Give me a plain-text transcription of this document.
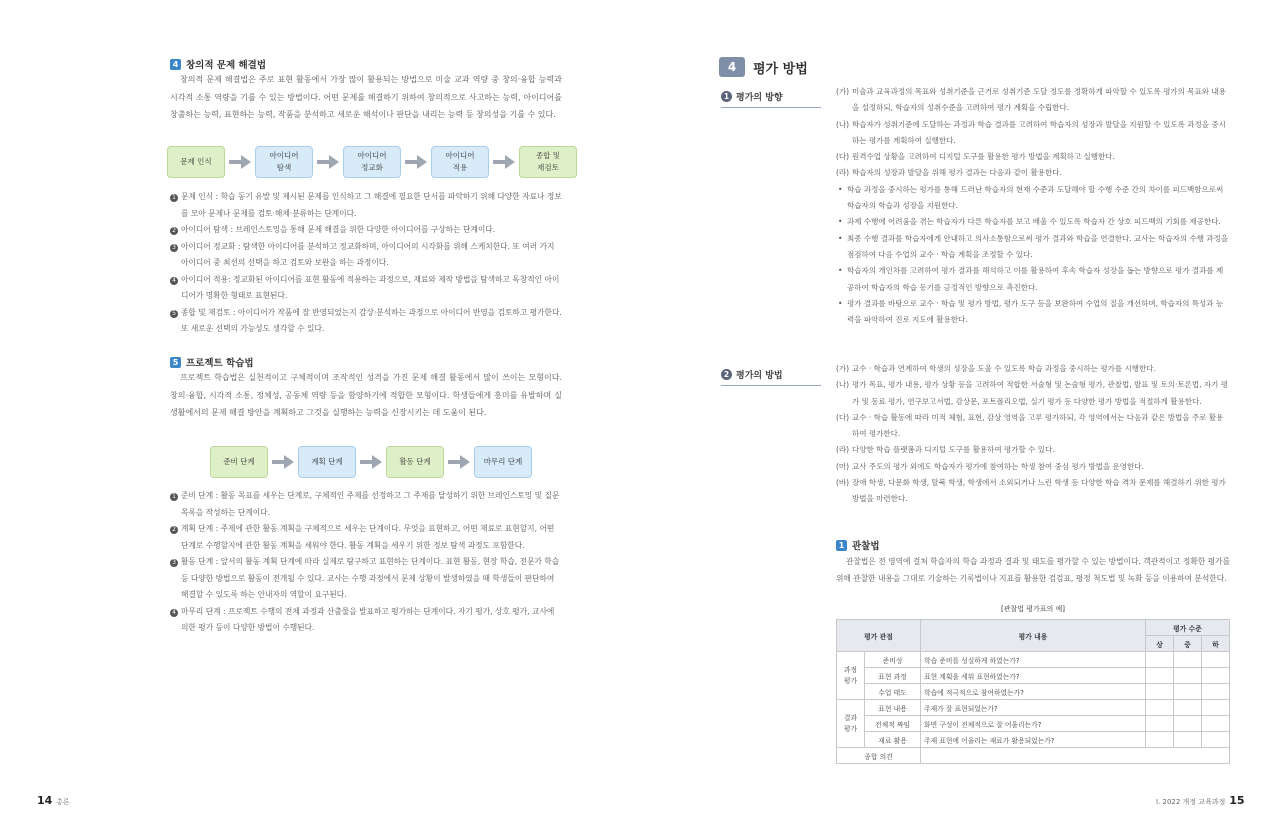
4 창의적 문제 해결법

창의적 문제 해결법은 주로 표현 활동에서 가장 많이 활용되는 방법으로 미술 교과 역량 중 창의·융합 능력과 시각적 소통 역량을 기를 수 있는 방법이다. 어떤 문제를 해결하기 위하여 창의적으로 사고하는 능력, 아이디어를 창출하는 능력, 표현하는 능력, 작품을 분석하고 새로운 해석이나 판단을 내리는 능력 등 창의성을 기를 수 있다.

문제 인식
아이디어
탐색
아이디어
정교화
아이디어
적용
종합 및
재검토
1 문제 인식 : 학습 동기 유발 및 제시된 문제를 인식하고 그 해결에 필요한 단서를 파악하기 위해 다양한 자료나 정보를 모아 문제나 문제를 검토·해체·분류하는 단계이다.
2 아이디어 탐색 : 브레인스토밍을 통해 문제 해결을 위한 다양한 아이디어를 구상하는 단계이다.
3 아이디어 정교화 : 탐색한 아이디어를 분석하고 정교화하며, 아이디어의 시각화를 위해 스케치한다. 또 여러 가지 아이디어 중 최선의 선택을 하고 검토와 보완을 하는 과정이다.
4 아이디어 적용: 정교화된 아이디어를 표현 활동에 적용하는 과정으로, 재료와 제작 방법을 탐색하고 독창적인 아이디어가 명확한 형태로 표현된다.
5 종합 및 재검토 : 아이디어가 작품에 잘 반영되었는지 감상·분석하는 과정으로 아이디어 반영을 검토하고 평가한다. 또 새로운 선택의 가능성도 생각할 수 있다.
5 프로젝트 학습법

프로젝트 학습법은 실천적이고 구체적이며 조작적인 성격을 가진 문제 해결 활동에서 많이 쓰이는 모형이다. 창의·융합, 시각적 소통, 정체성, 공동체 역량 등을 함양하기에 적합한 모형이다. 학생들에게 흥미를 유발하며 실생활에서의 문제 해결 방안을 계획하고 그것을 실행하는 능력을 신장시키는 데 도움이 된다.

준비 단계	계획 단계	활동 단계	마무리 단계
1 준비 단계 : 활동 목표를 세우는 단계로, 구체적인 주제를 선정하고 그 주제를 달성하기 위한 브레인스토밍 및 질문 목록을 작성하는 단계이다.
2 계획 단계 : 주제에 관한 활동 계획을 구체적으로 세우는 단계이다. 무엇을 표현하고, 어떤 재료로 표현할지, 어떤 단계로 수행할지에 관한 활동 계획을 세워야 한다. 활동 계획을 세우기 위한 정보 탐색 과정도 포함한다.
3 활동 단계 : 앞서의 활동 계획 단계에 따라 실제로 탐구하고 표현하는 단계이다. 표현 활동, 현장 학습, 전문가 학습 등 다양한 방법으로 활동이 전개될 수 있다. 교사는 수행 과정에서 문제 상황이 발생하였을 때 학생들이 판단하여 해결할 수 있도록 하는 안내자의 역할이 요구된다.
4 마무리 단계 : 프로젝트 수행의 전체 과정과 산출물을 발표하고 평가하는 단계이다. 자기 평가, 상호 평가, 교사에 의한 평가 등이 다양한 방법이 수행된다.
14 총론
4	평가 방법
1 평가의 방향
(가) 미술과 교육과정의 목표와 성취기준을 근거로 성취기준 도달 정도를 정확하게 파악할 수 있도록 평가의 목표와 내용을 설정하되, 학습자의 성취수준을 고려하여 평가 계획을 수립한다.
(나) 학습자가 성취기준에 도달하는 과정과 학습 결과를 고려하여 학습자의 성장과 발달을 지원할 수 있도록 과정을 중시하는 평가를 계획하여 실행한다.
(다) 원격수업 상황을 고려하여 디지털 도구를 활용한 평가 방법을 계획하고 실행한다.
(라) 학습자의 성장과 발달을 위해 평가 결과는 다음과 같이 활용한다.
• 학습 과정을 중시하는 평가를 통해 드러난 학습자의 현재 수준과 도달해야 할 수행 수준 간의 차이를 피드백함으로써 학습자의 학습과 성장을 지원한다.
• 과제 수행에 어려움을 겪는 학습자가 다른 학습자를 보고 배울 수 있도록 학습자 간 상호 피드백의 기회를 제공한다.
• 최종 수행 결과를 학습자에게 안내하고 의사소통함으로써 평가 결과와 학습을 연결한다. 교사는 학습자의 수행 과정을 점검하여 다음 수업의 교수 · 학습 계획을 조정할 수 있다.
• 학습자의 개인차를 고려하여 평가 결과를 해석하고 이를 활용하여 후속 학습자 성장을 돕는 방향으로 평가 결과를 제공하여 학습자의 학습 동기를 긍정적인 방향으로 촉진한다.
• 평가 결과를 바탕으로 교수 · 학습 및 평가 방법, 평가 도구 등을 보완하여 수업의 질을 개선하며, 학습자의 특성과 능력을 파악하여 진로 지도에 활용한다.
2 평가의 방법
(가) 교수 · 학습과 연계하여 학생의 성장을 도울 수 있도록 학습 과정을 중시하는 평가를 시행한다.
(나) 평가 목표, 평가 내용, 평가 상황 등을 고려하여 적합한 서술형 및 논술형 평가, 관찰법, 발표 및 토의·토론법, 자기 평가 및 동료 평가, 연구보고서법, 감상문, 포트폴리오법, 실기 평가 등 다양한 평가 방법을 적절하게 활용한다.
(다) 교수 · 학습 활동에 따라 미적 체험, 표현, 감상 영역을 고루 평가하되, 각 영역에서는 다음과 같은 방법을 주로 활용하여 평가한다.
(라) 다양한 학습 플랫폼과 디지털 도구를 활용하여 평가할 수 있다.
(마) 교사 주도의 평가 외에도 학습자가 평가에 참여하는 학생 참여 중심 평가 방법을 운영한다.
(바) 장애 학생, 다문화 학생, 탈북 학생, 학생에서 소외되거나 느린 학생 등 다양한 학습 격차 문제를 해결하기 위한 평가 방법을 마련한다.
1 관찰법

관찰법은 전 영역에 걸쳐 학습자의 학습 과정과 결과 및 태도를 평가할 수 있는 방법이다. 객관적이고 정확한 평가를 위해 관찰한 내용을 그대로 기술하는 기록법이나 지표를 활용한 검검표, 평정 척도법 및 녹화 등을 이용하여 분석한다.

[관찰법 평가표의 예]
평가 관점		평가 내용	평가 수준		
			상	중	하
과정
평가	준비성	학습 준비를 성실하게 하였는가?			
	표현 과정	표현 계획을 세워 표현하였는가?			
	수업 태도	학습에 적극적으로 참여하였는가?			
결과
평가	표현 내용	주제가 잘 표현되었는가?			
	전체적 짜임	화면 구성이 전체적으로 잘 어울리는가?			
	재료 활용	주제 표현에 어울리는 재료가 활용되었는가?			
종합 의견					
Ⅰ. 2022 개정 교육과정 15
